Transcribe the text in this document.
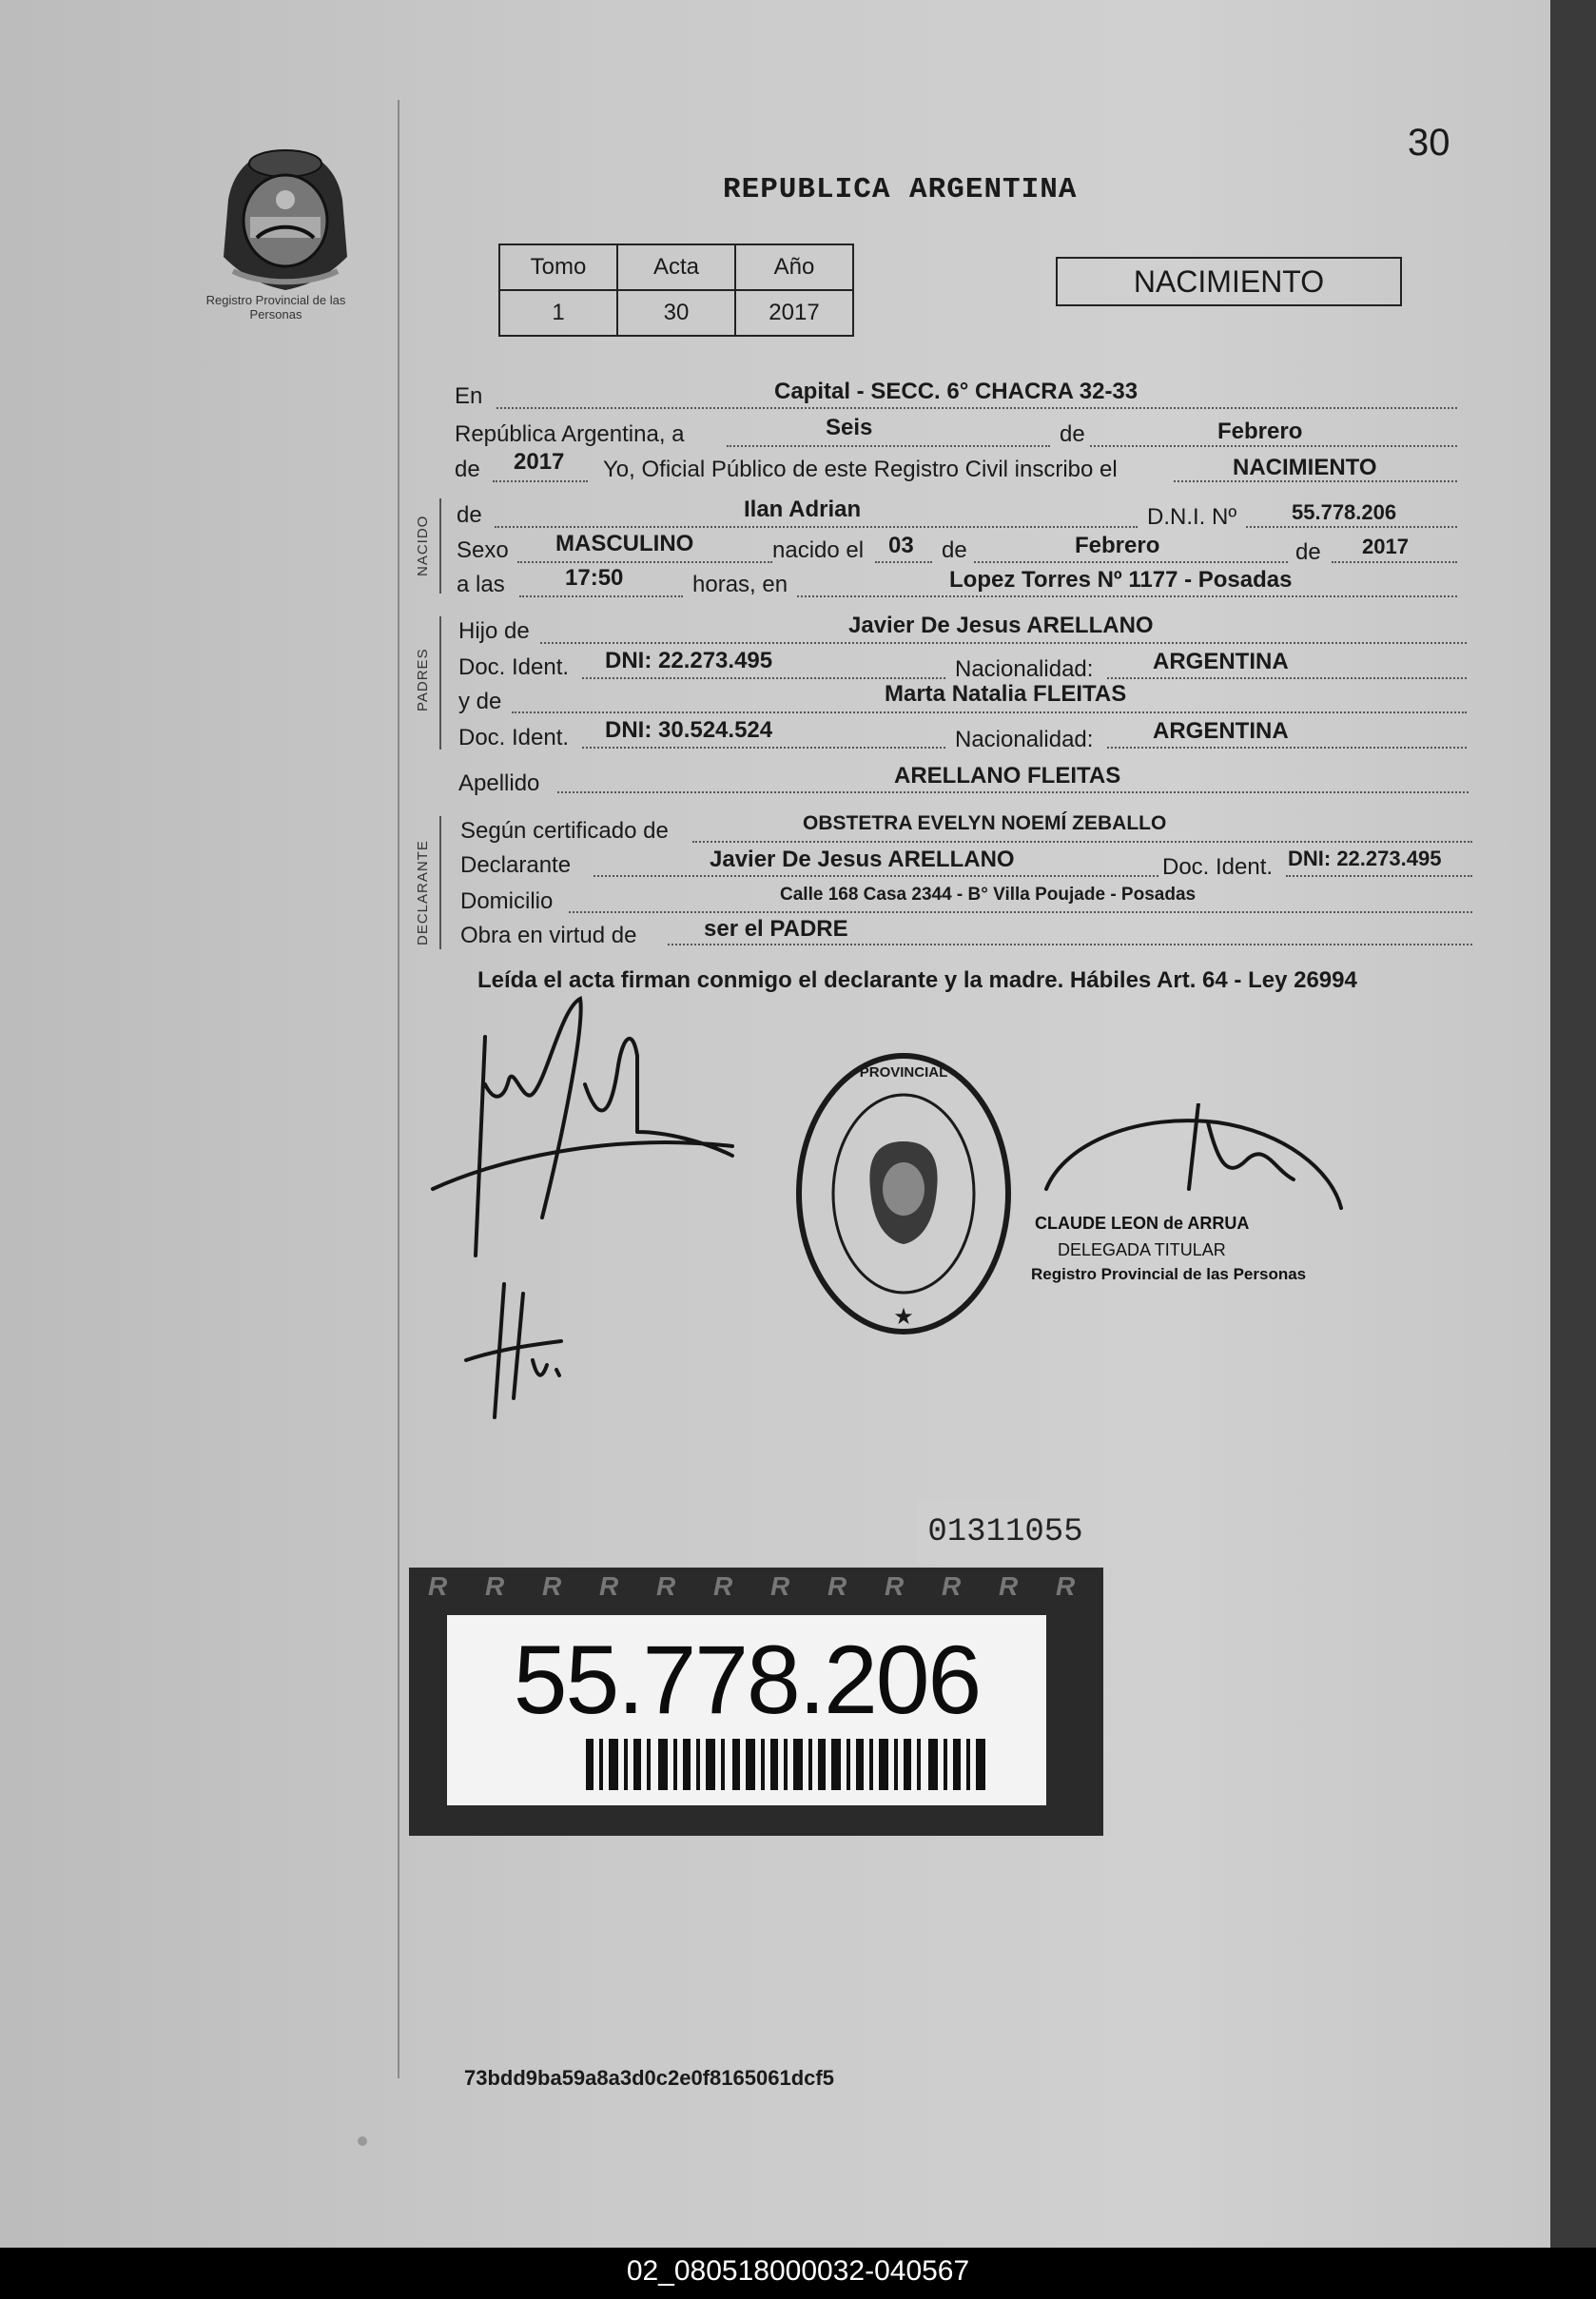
Registro Provincial de las Personas
30
REPUBLICA ARGENTINA
Tomo	Acta	Año
1	30	2017
NACIMIENTO
En	Capital - SECC. 6° CHACRA 32-33
República Argentina, a	Seis	de	Febrero
de 2017 Yo, Oficial Público de este Registro Civil inscribo el	NACIMIENTO
NACIDO
de	Ilan Adrian	D.N.I. Nº	55.778.206
Sexo MASCULINO	nacido el 03 de	Febrero	de 2017
a las	17:50	horas, en	Lopez Torres Nº 1177 - Posadas
PADRES
Hijo de	Javier De Jesus ARELLANO
Doc. Ident. DNI: 22.273.495	Nacionalidad:	ARGENTINA
y de	Marta Natalia FLEITAS
Doc. Ident. DNI: 30.524.524	Nacionalidad:	ARGENTINA
Apellido	ARELLANO FLEITAS
DECLARANTE
Según certificado de	OBSTETRA EVELYN NOEMÍ ZEBALLO
Declarante	Javier De Jesus ARELLANO	Doc. Ident. DNI: 22.273.495
Domicilio	Calle 168 Casa 2344 - B° Villa Poujade - Posadas
Obra en virtud de	ser el PADRE
Leída el acta firman conmigo el declarante y la madre. Hábiles Art. 64 - Ley 26994
PROVINCIAL
★
CLAUDE LEON de ARRUA
DELEGADA TITULAR
Registro Provincial de las Personas
01311055
R R R R R R R R R R R R
55.778.206
73bdd9ba59a8a3d0c2e0f8165061dcf5
02_080518000032-040567
